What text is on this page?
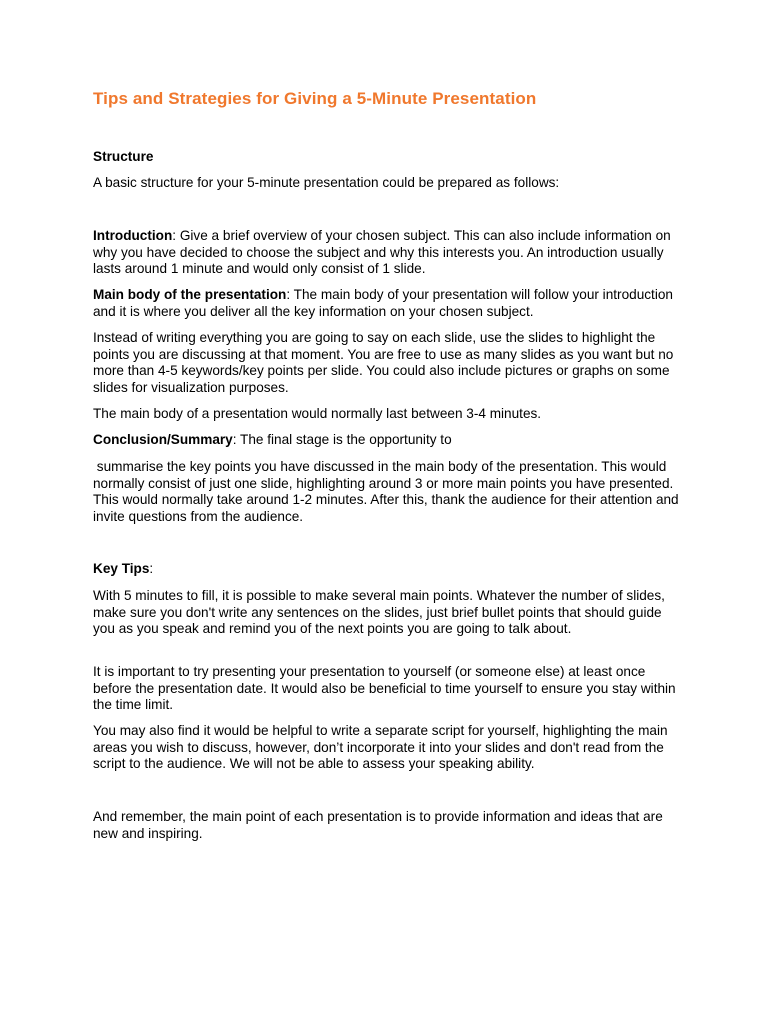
Tips and Strategies for Giving a 5-Minute Presentation

Structure

A basic structure for your 5-minute presentation could be prepared as follows:

Introduction: Give a brief overview of your chosen subject. This can also include information on why you have decided to choose the subject and why this interests you. An introduction usually lasts around 1 minute and would only consist of 1 slide.

Main body of the presentation: The main body of your presentation will follow your introduction and it is where you deliver all the key information on your chosen subject.

Instead of writing everything you are going to say on each slide, use the slides to highlight the points you are discussing at that moment. You are free to use as many slides as you want but no more than 4-5 keywords/key points per slide. You could also include pictures or graphs on some slides for visualization purposes.

The main body of a presentation would normally last between 3-4 minutes.

Conclusion/Summary: The final stage is the opportunity to

summarise the key points you have discussed in the main body of the presentation. This would normally consist of just one slide, highlighting around 3 or more main points you have presented. This would normally take around 1-2 minutes. After this, thank the audience for their attention and invite questions from the audience.

Key Tips:

With 5 minutes to fill, it is possible to make several main points. Whatever the number of slides, make sure you don't write any sentences on the slides, just brief bullet points that should guide you as you speak and remind you of the next points you are going to talk about.

It is important to try presenting your presentation to yourself (or someone else) at least once before the presentation date. It would also be beneficial to time yourself to ensure you stay within the time limit.

You may also find it would be helpful to write a separate script for yourself, highlighting the main areas you wish to discuss, however, don’t incorporate it into your slides and don't read from the script to the audience. We will not be able to assess your speaking ability.

And remember, the main point of each presentation is to provide information and ideas that are new and inspiring.
